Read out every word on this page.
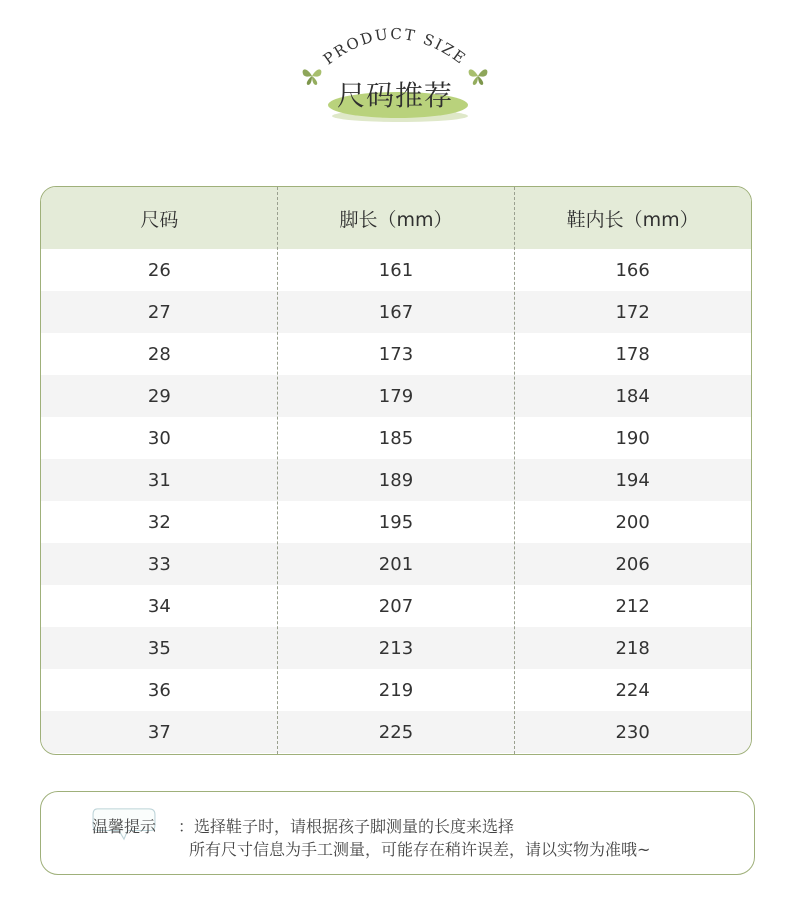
PRODUCT SIZE
尺码推荐
尺码	脚长（mm）	鞋内长（mm）
26	161	166
27	167	172
28	173	178
29	179	184
30	185	190
31	189	194
32	195	200
33	201	206
34	207	212
35	213	218
36	219	224
37	225	230
温馨提示	：选择鞋子时，请根据孩子脚测量的长度来选择
所有尺寸信息为手工测量，可能存在稍许误差，请以实物为准哦~
